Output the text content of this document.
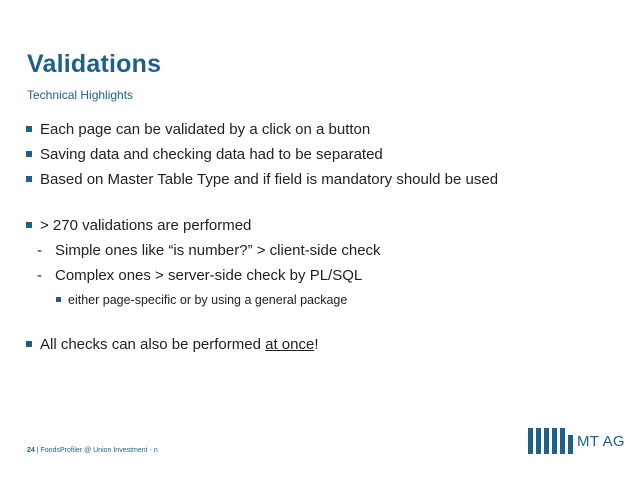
Validations
Technical Highlights
Each page can be validated by a click on a button
Saving data and checking data had to be separated
Based on Master Table Type and if field is mandatory should be used
> 270 validations are performed
- Simple ones like “is number?” > client-side check
- Complex ones > server-side check by PL/SQL
either page-specific or by using a general package
All checks can also be performed at once!
24 | FondsProfiler @ Union Investment - n
MT AG
